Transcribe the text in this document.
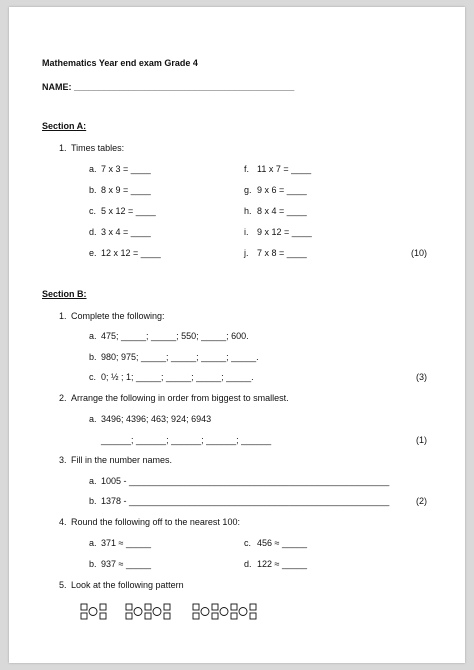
Mathematics Year end exam Grade 4
NAME: ____________________________________________
Section A:
1. Times tables:
a. 7 x 3 = ____
b. 8 x 9 = ____
c. 5 x 12 = ____
d. 3 x 4 = ____
e. 12 x 12 = ____
f. 11 x 7 = ____
g. 9 x 6 = ____
h. 8 x 4 = ____
i. 9 x 12 = ____
j. 7 x 8 = ____	(10)
Section B:
1. Complete the following:
a. 475; _____; _____; 550; _____; 600.
b. 980; 975; _____; _____; _____; _____.
c. 0; ½ ; 1; _____; _____; _____; _____.	(3)
2. Arrange the following in order from biggest to smallest.
a. 3496; 4396; 463; 924; 6943
______; ______; ______; ______; ______	(1)
3. Fill in the number names.
a. 1005 - ____________________________________________________
b. 1378 - ____________________________________________________	(2)
4. Round the following off to the nearest 100:
a. 371 ≈ _____
b. 937 ≈ _____
c. 456 ≈ _____
d. 122 ≈ _____
5. Look at the following pattern
